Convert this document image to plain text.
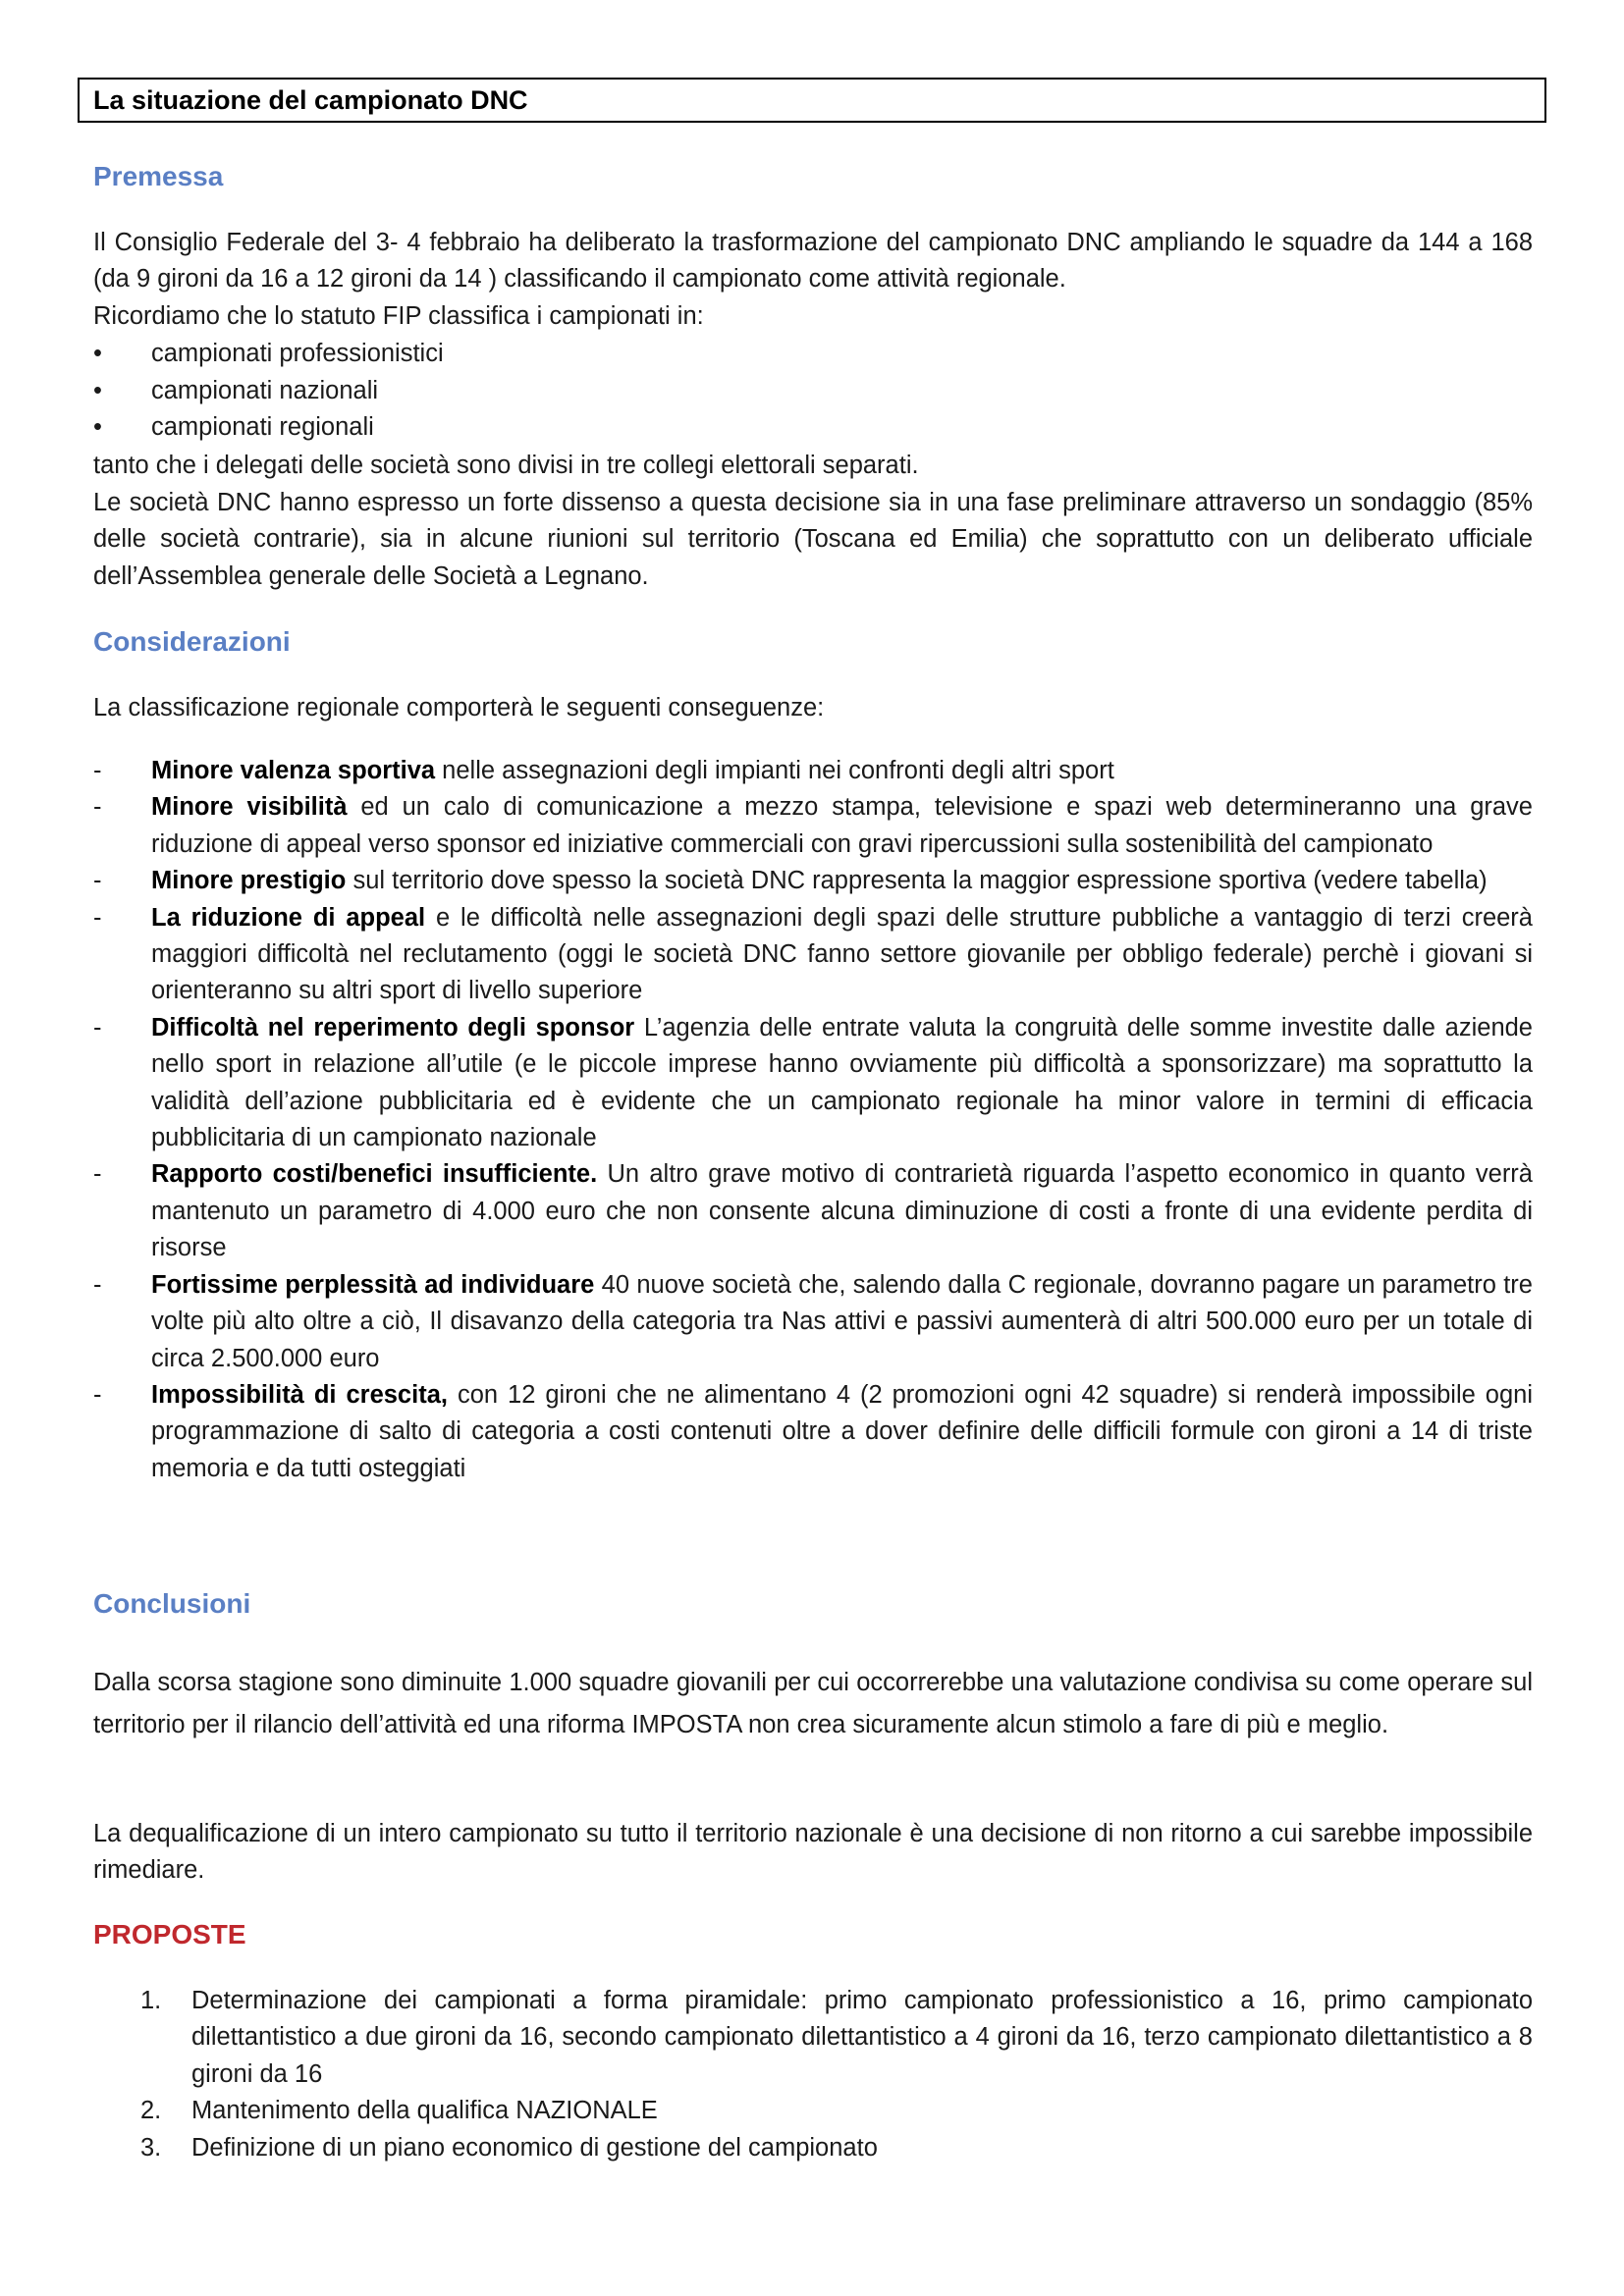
La situazione del campionato DNC
Premessa
Il Consiglio Federale del 3- 4 febbraio ha deliberato la trasformazione del campionato DNC ampliando le squadre da 144 a 168 (da 9 gironi da 16 a 12 gironi da 14 ) classificando il campionato come attività regionale.
Ricordiamo che lo statuto FIP classifica i campionati in:
• campionati professionistici
• campionati nazionali
• campionati regionali
tanto che i delegati delle società sono divisi in tre collegi elettorali separati.
Le società DNC hanno espresso un forte dissenso a questa decisione sia in una fase preliminare attraverso un sondaggio (85% delle società contrarie), sia in alcune riunioni sul territorio (Toscana ed Emilia) che soprattutto con un deliberato ufficiale dell’Assemblea generale delle Società a Legnano.
Considerazioni
La classificazione regionale comporterà le seguenti conseguenze:
- Minore valenza sportiva nelle assegnazioni degli impianti nei confronti degli altri sport
- Minore visibilità ed un calo di comunicazione a mezzo stampa, televisione e spazi web determineranno una grave riduzione di appeal verso sponsor ed iniziative commerciali con gravi ripercussioni sulla sostenibilità del campionato
- Minore prestigio sul territorio dove spesso la società DNC rappresenta la maggior espressione sportiva (vedere tabella)
- La riduzione di appeal e le difficoltà nelle assegnazioni degli spazi delle strutture pubbliche a vantaggio di terzi creerà maggiori difficoltà nel reclutamento (oggi le società DNC fanno settore giovanile per obbligo federale) perchè i giovani si orienteranno su altri sport di livello superiore
- Difficoltà nel reperimento degli sponsor L’agenzia delle entrate valuta la congruità delle somme investite dalle aziende nello sport in relazione all’utile (e le piccole imprese hanno ovviamente più difficoltà a sponsorizzare) ma soprattutto la validità dell’azione pubblicitaria ed è evidente che un campionato regionale ha minor valore in termini di efficacia pubblicitaria di un campionato nazionale
- Rapporto costi/benefici insufficiente. Un altro grave motivo di contrarietà riguarda l’aspetto economico in quanto verrà mantenuto un parametro di 4.000 euro che non consente alcuna diminuzione di costi a fronte di una evidente perdita di risorse
- Fortissime perplessità ad individuare 40 nuove società che, salendo dalla C regionale, dovranno pagare un parametro tre volte più alto oltre a ciò, Il disavanzo della categoria tra Nas attivi e passivi aumenterà di altri 500.000 euro per un totale di circa 2.500.000 euro
- Impossibilità di crescita, con 12 gironi che ne alimentano 4 (2 promozioni ogni 42 squadre) si renderà impossibile ogni programmazione di salto di categoria a costi contenuti oltre a dover definire delle difficili formule con gironi a 14 di triste memoria e da tutti osteggiati
Conclusioni
Dalla scorsa stagione sono diminuite 1.000 squadre giovanili per cui occorrerebbe una valutazione condivisa su come operare sul territorio per il rilancio dell’attività ed una riforma IMPOSTA non crea sicuramente alcun stimolo a fare di più e meglio.
La dequalificazione di un intero campionato su tutto il territorio nazionale è una decisione di non ritorno a cui sarebbe impossibile rimediare.
PROPOSTE
1. Determinazione dei campionati a forma piramidale: primo campionato professionistico a 16, primo campionato dilettantistico a due gironi da 16, secondo campionato dilettantistico a 4 gironi da 16, terzo campionato dilettantistico a 8 gironi da 16
2. Mantenimento della qualifica NAZIONALE
3. Definizione di un piano economico di gestione del campionato
